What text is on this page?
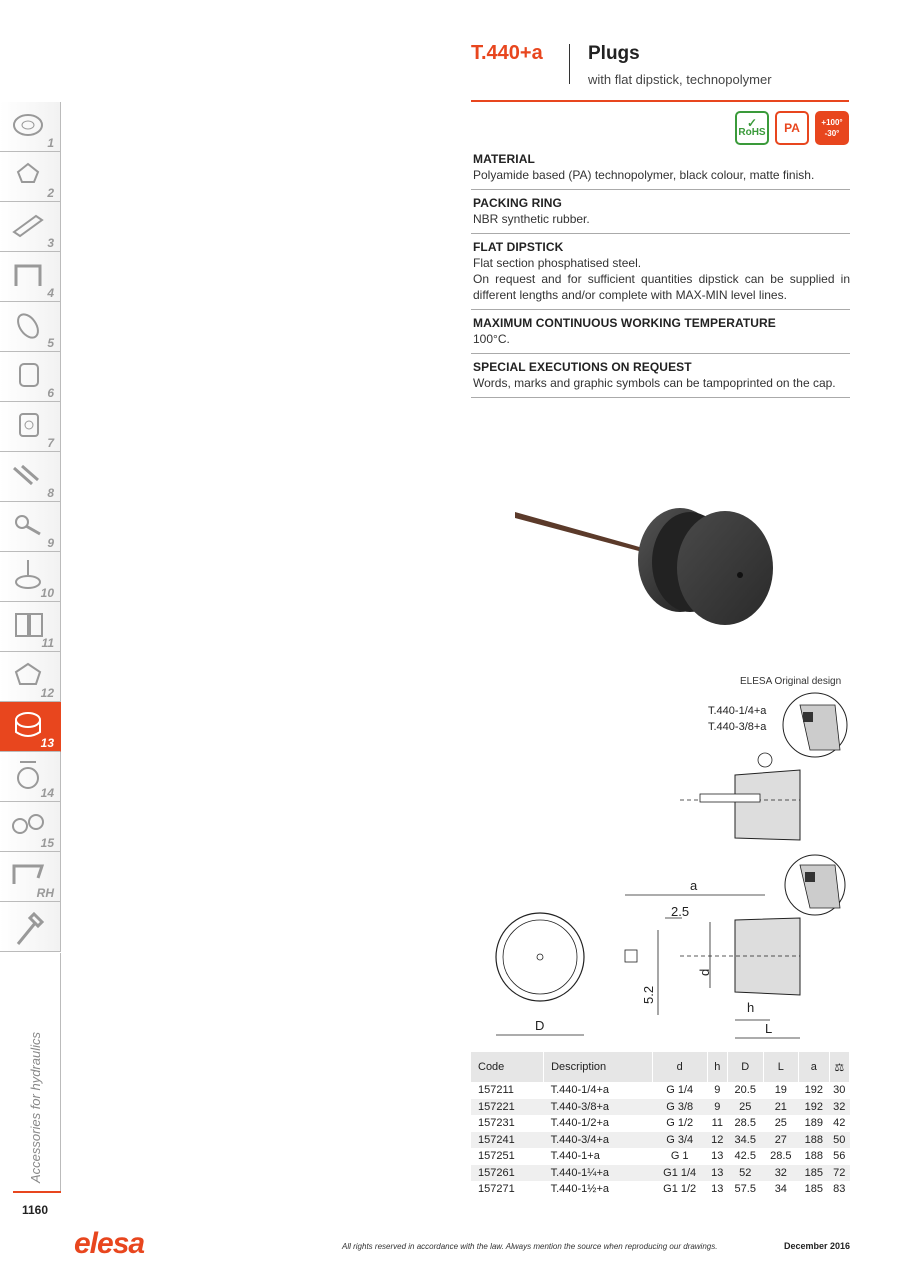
T.440+a Plugs
with flat dipstick, technopolymer
✓
RoHS PA	+100°
-30°
MATERIAL

Polyamide based (PA) technopolymer, black colour, matte finish.

PACKING RING

NBR synthetic rubber.

FLAT DIPSTICK

Flat section phosphatised steel.

On request and for sufficient quantities dipstick can be supplied in different lengths and/or complete with MAX-MIN level lines.

MAXIMUM CONTINUOUS WORKING TEMPERATURE

100°C.

SPECIAL EXECUTIONS ON REQUEST

Words, marks and graphic symbols can be tampoprinted on the cap.

ELESA Original design
T.440-1/4+a
T.440-3/8+a
a
2.5
5.2
d
h
L
D
Code	Description	d	h	D	L	a	⚖
157211	T.440-1/4+a	G 1/4	9	20.5	19	192	30
157221	T.440-3/8+a	G 3/8	9	25	21	192	32
157231	T.440-1/2+a	G 1/2	11	28.5	25	189	42
157241	T.440-3/4+a	G 3/4	12	34.5	27	188	50
157251	T.440-1+a	G 1	13	42.5	28.5	188	56
157261	T.440-1¼+a	G1 1/4	13	52	32	185	72
157271	T.440-1½+a	G1 1/2	13	57.5	34	185	83
1
2
3
4
5
6
7
8
9
10
11
12
13
14
15
RH
Accessories for hydraulics
1160
elesa	All rights reserved in accordance with the law. Always mention the source when reproducing our drawings.	December 2016
